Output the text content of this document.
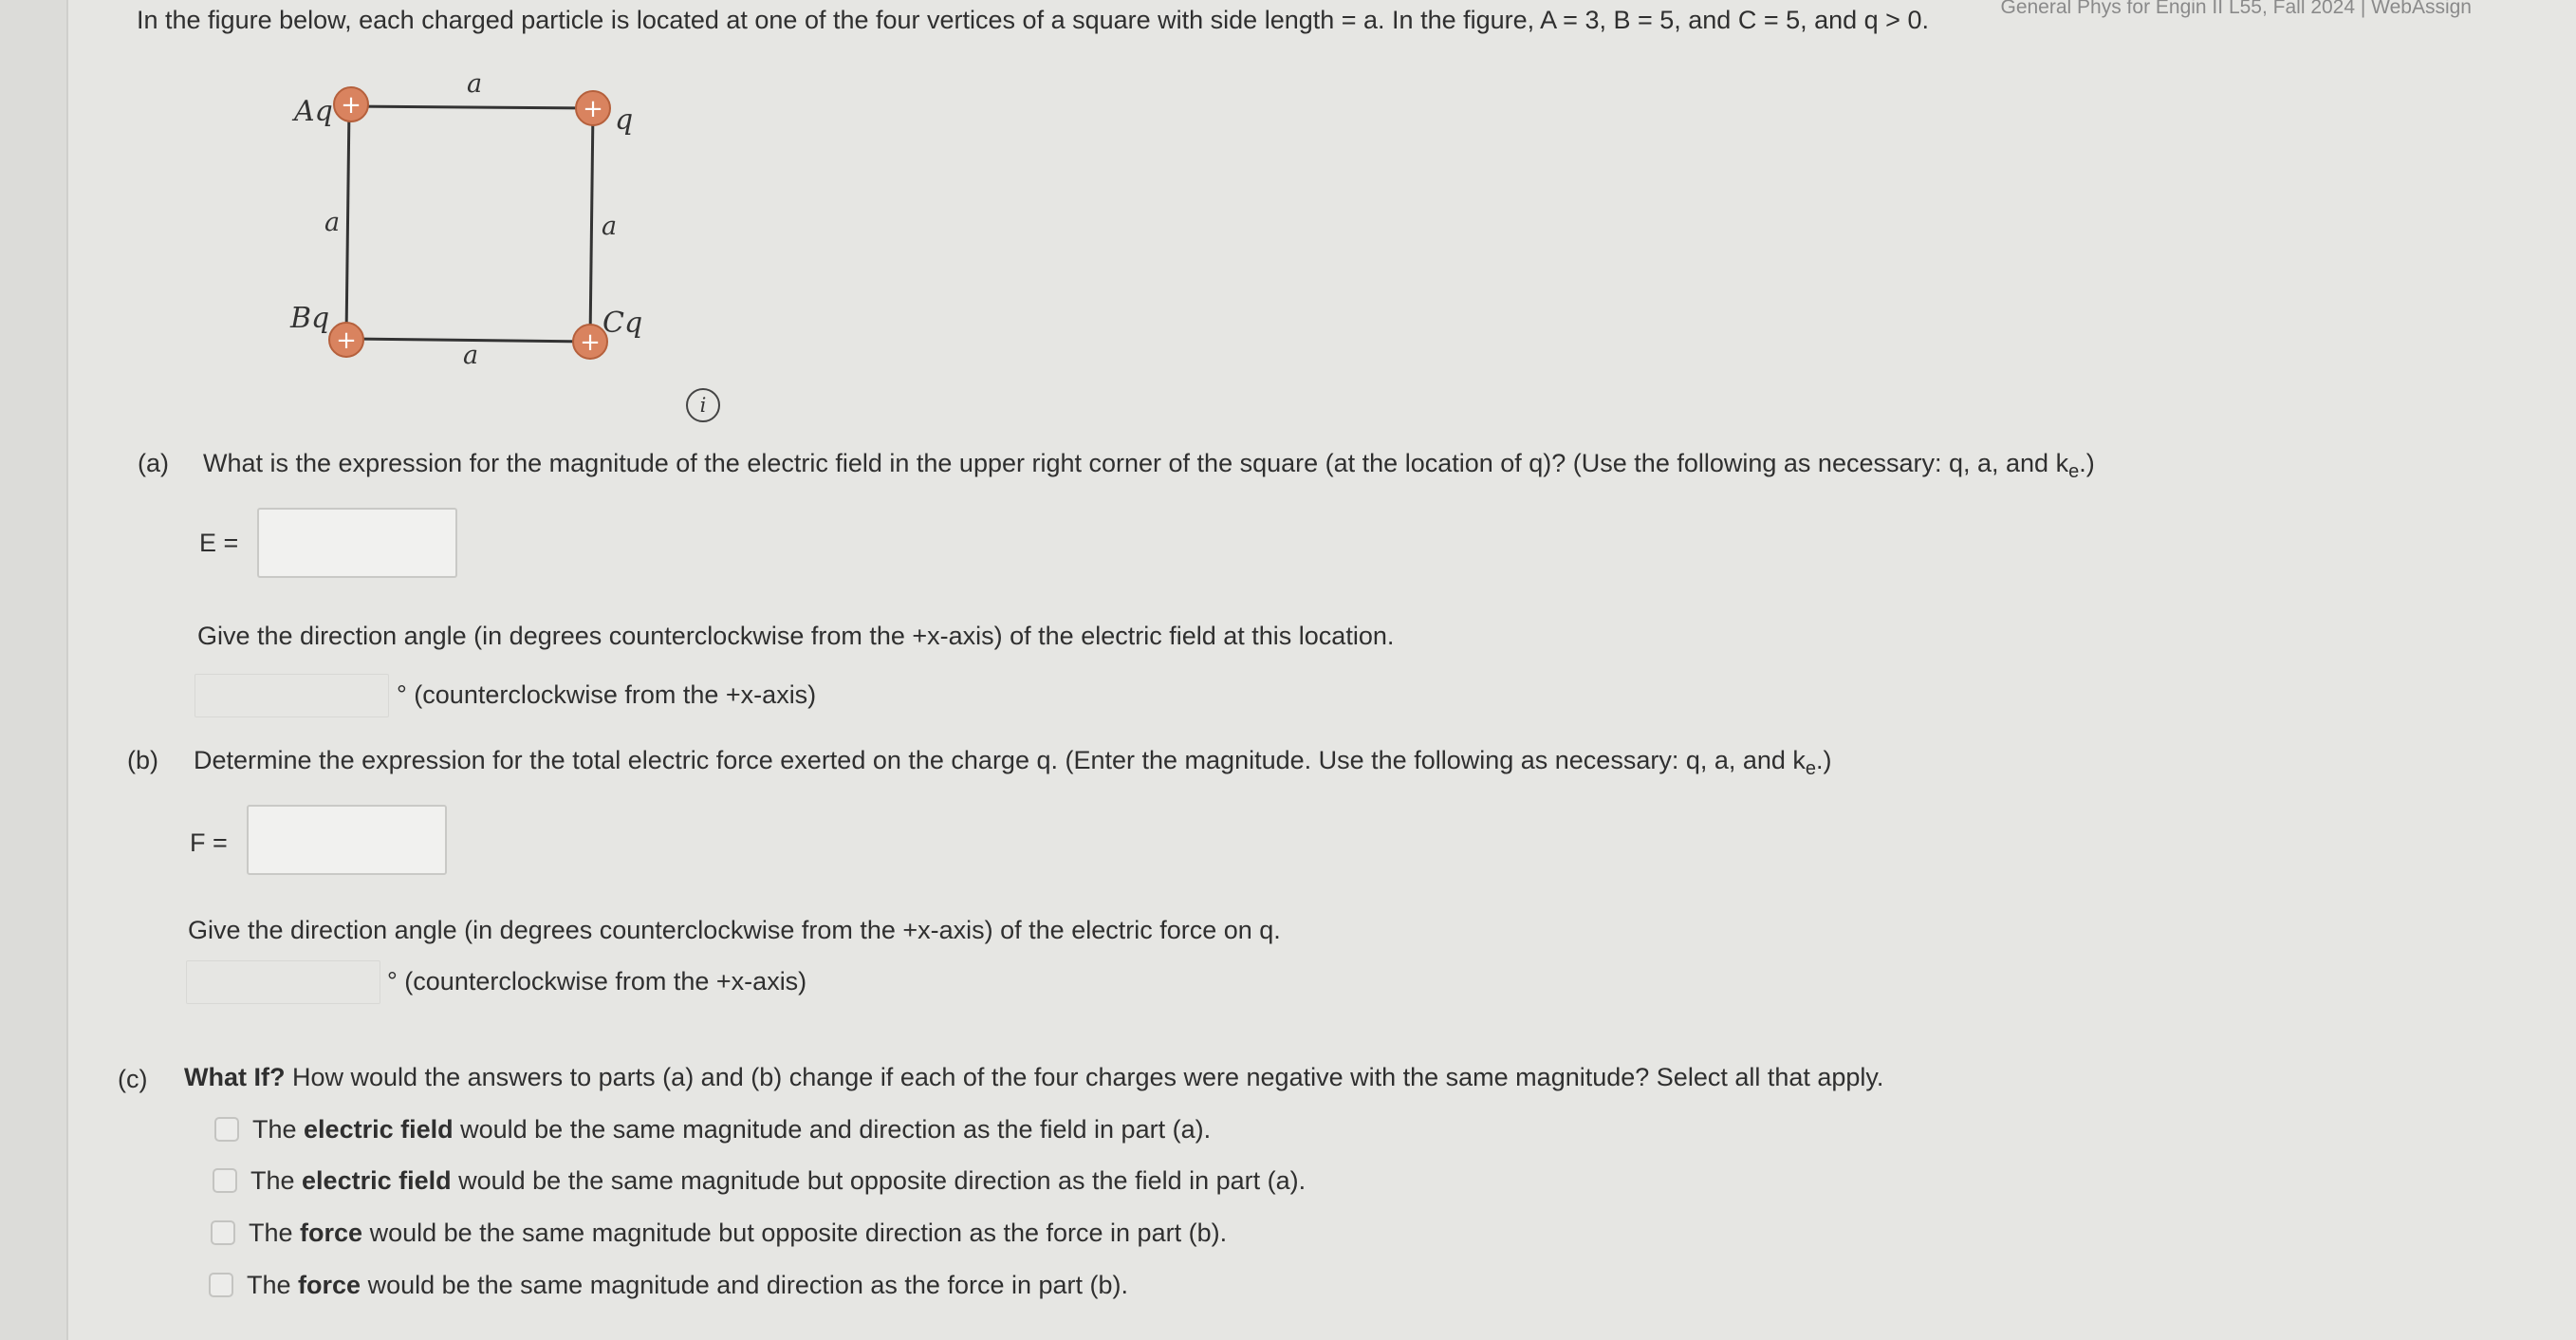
General Phys for Engin II L55, Fall 2024 | WebAssign
In the figure below, each charged particle is located at one of the four vertices of a square with side length = a. In the figure, A = 3, B = 5, and C = 5, and q > 0.
+	+
+	+
Aq	q
Bq	Cq
a
a	a
a
i
(a) What is the expression for the magnitude of the electric field in the upper right corner of the square (at the location of q)? (Use the following as necessary: q, a, and $k_e$.)
E =
Give the direction angle (in degrees counterclockwise from the +x-axis) of the electric field at this location.
° (counterclockwise from the +x-axis)
(b) Determine the expression for the total electric force exerted on the charge q. (Enter the magnitude. Use the following as necessary: q, a, and $k_e$.)
F =
Give the direction angle (in degrees counterclockwise from the +x-axis) of the electric force on q.
° (counterclockwise from the +x-axis)
(c) What If? How would the answers to parts (a) and (b) change if each of the four charges were negative with the same magnitude? Select all that apply.
The electric field would be the same magnitude and direction as the field in part (a).
The electric field would be the same magnitude but opposite direction as the field in part (a).
The force would be the same magnitude but opposite direction as the force in part (b).
The force would be the same magnitude and direction as the force in part (b).
